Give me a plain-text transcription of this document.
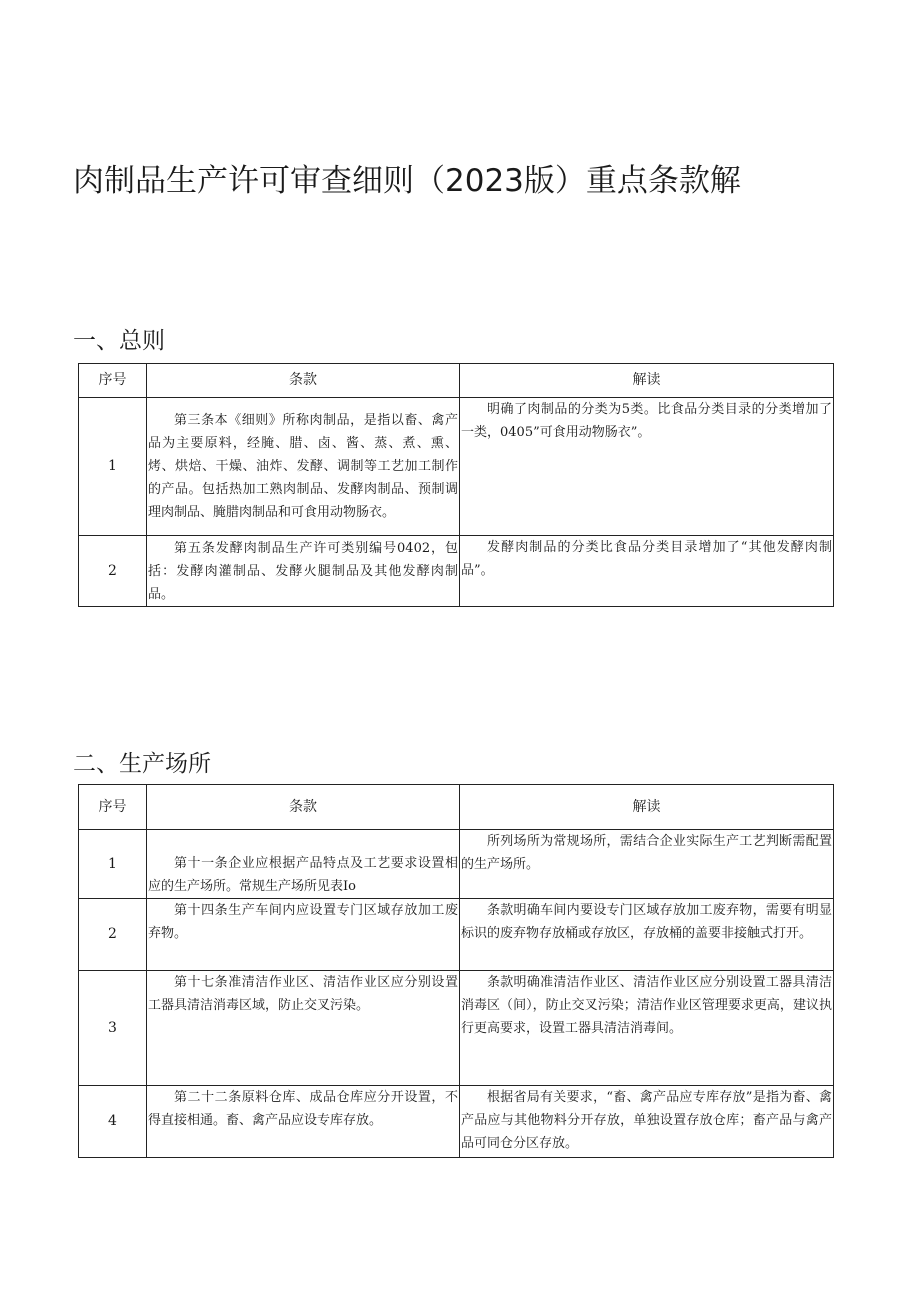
肉制品生产许可审查细则（2023版）重点条款解
一、总则
序号	条款	解读
1	第三条本《细则》所称肉制品，是指以畜、禽产品为主要原料，经腌、腊、卤、酱、蒸、煮、熏、烤、烘焙、干燥、油炸、发酵、调制等工艺加工制作的产品。包括热加工熟肉制品、发酵肉制品、预制调理肉制品、腌腊肉制品和可食用动物肠衣。	明确了肉制品的分类为5类。比食品分类目录的分类增加了一类，0405”可食用动物肠衣”。
2	第五条发酵肉制品生产许可类别编号0402，包括：发酵肉灌制品、发酵火腿制品及其他发酵肉制品。	发酵肉制品的分类比食品分类目录增加了“其他发酵肉制品”。
二、生产场所
序号	条款	解读
1	第十一条企业应根据产品特点及工艺要求设置相应的生产场所。常规生产场所见表Io	所列场所为常规场所，需结合企业实际生产工艺判断需配置的生产场所。
2	第十四条生产车间内应设置专门区域存放加工废弃物。	条款明确车间内要设专门区域存放加工废弃物，需要有明显标识的废弃物存放桶或存放区，存放桶的盖要非接触式打开。
3	第十七条准清洁作业区、清洁作业区应分别设置工器具清洁消毒区域，防止交叉污染。	条款明确准清洁作业区、清洁作业区应分别设置工器具清洁消毒区（间），防止交叉污染；清洁作业区管理要求更高，建议执行更高要求，设置工器具清洁消毒间。
4	第二十二条原料仓库、成品仓库应分开设置，不得直接相通。畜、禽产品应设专库存放。	根据省局有关要求，“畜、禽产品应专库存放”是指为畜、禽产品应与其他物料分开存放，单独设置存放仓库；畜产品与禽产品可同仓分区存放。
